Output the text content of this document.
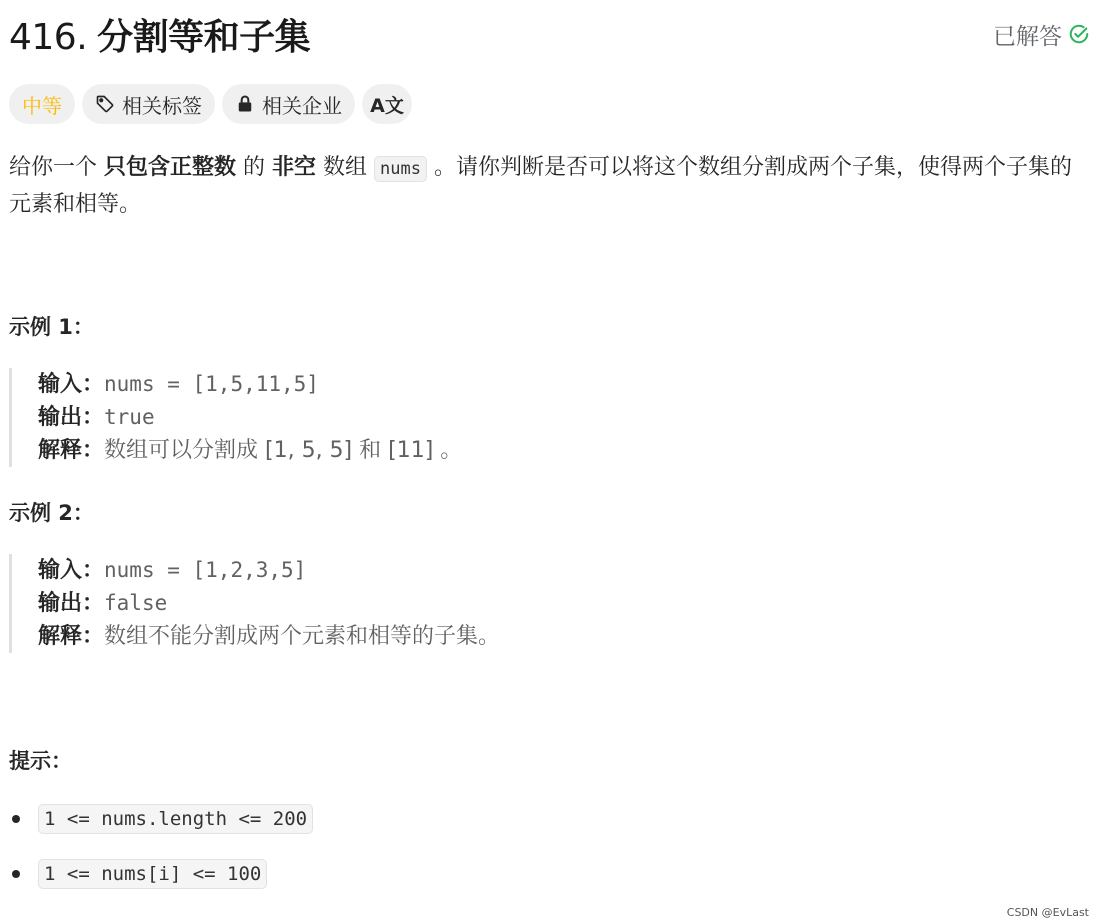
416. 分割等和子集	已解答
中等	相关标签	相关企业 A文
给你一个 只包含正整数 的 非空 数组 nums 。请你判断是否可以将这个数组分割成两个子集，使得两个子集的元素和相等。
示例 1：
输入：nums = [1,5,11,5]
输出：true
解释：数组可以分割成 [1, 5, 5] 和 [11] 。
示例 2：
输入：nums = [1,2,3,5]
输出：false
解释：数组不能分割成两个元素和相等的子集。
提示：
1 <= nums.length <= 200
1 <= nums[i] <= 100
CSDN @EvLast
